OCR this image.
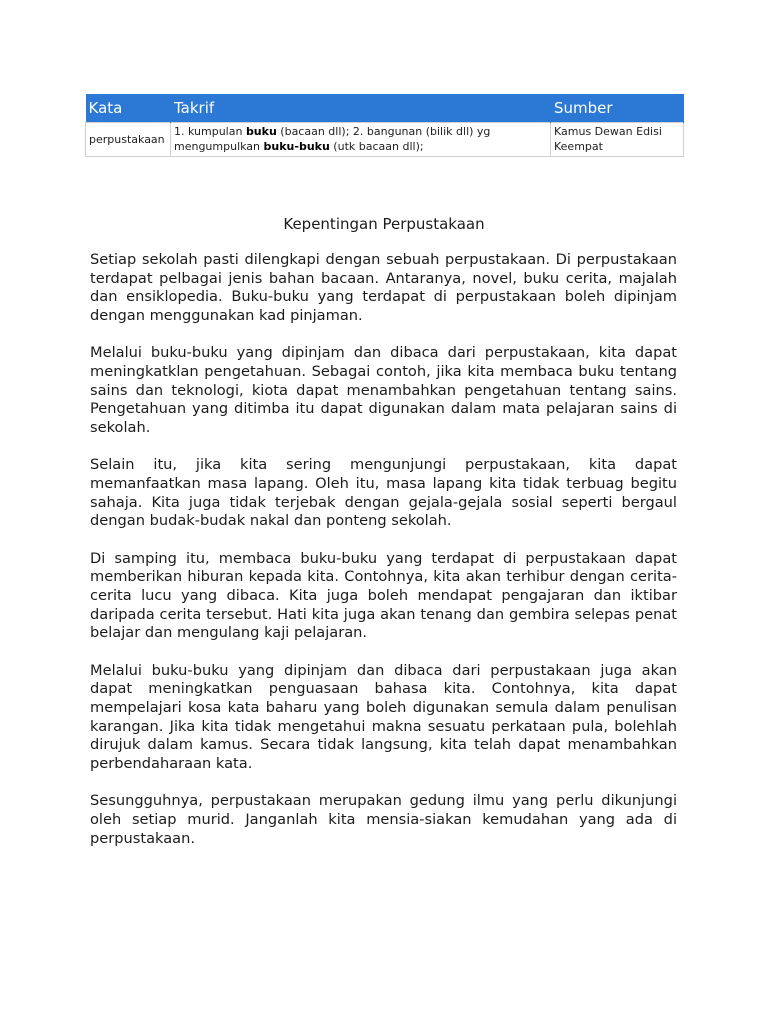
Kata	Takrif	Sumber
perpustakaan	1. kumpulan buku (bacaan dll); 2. bangunan (bilik dll) yg mengumpulkan buku-buku (utk bacaan dll);	Kamus Dewan Edisi Keempat
Kepentingan Perpustakaan

Setiap sekolah pasti dilengkapi dengan sebuah perpustakaan. Di perpustakaan terdapat pelbagai jenis bahan bacaan. Antaranya, novel, buku cerita, majalah dan ensiklopedia. Buku-buku yang terdapat di perpustakaan boleh dipinjam dengan menggunakan kad pinjaman.

Melalui buku-buku yang dipinjam dan dibaca dari perpustakaan, kita dapat meningkatklan pengetahuan. Sebagai contoh, jika kita membaca buku tentang sains dan teknologi, kiota dapat menambahkan pengetahuan tentang sains. Pengetahuan yang ditimba itu dapat digunakan dalam mata pelajaran sains di sekolah.

Selain itu, jika kita sering mengunjungi perpustakaan, kita dapat memanfaatkan masa lapang. Oleh itu, masa lapang kita tidak terbuag begitu sahaja. Kita juga tidak terjebak dengan gejala-gejala sosial seperti bergaul dengan budak-budak nakal dan ponteng sekolah.

Di samping itu, membaca buku-buku yang terdapat di perpustakaan dapat memberikan hiburan kepada kita. Contohnya, kita akan terhibur dengan cerita-cerita lucu yang dibaca. Kita juga boleh mendapat pengajaran dan iktibar daripada cerita tersebut. Hati kita juga akan tenang dan gembira selepas penat belajar dan mengulang kaji pelajaran.

Melalui buku-buku yang dipinjam dan dibaca dari perpustakaan juga akan dapat meningkatkan penguasaan bahasa kita. Contohnya, kita dapat mempelajari kosa kata baharu yang boleh digunakan semula dalam penulisan karangan. Jika kita tidak mengetahui makna sesuatu perkataan pula, bolehlah dirujuk dalam kamus. Secara tidak langsung, kita telah dapat menambahkan perbendaharaan kata.

Sesungguhnya, perpustakaan merupakan gedung ilmu yang perlu dikunjungi oleh setiap murid. Janganlah kita mensia-siakan kemudahan yang ada di perpustakaan.
